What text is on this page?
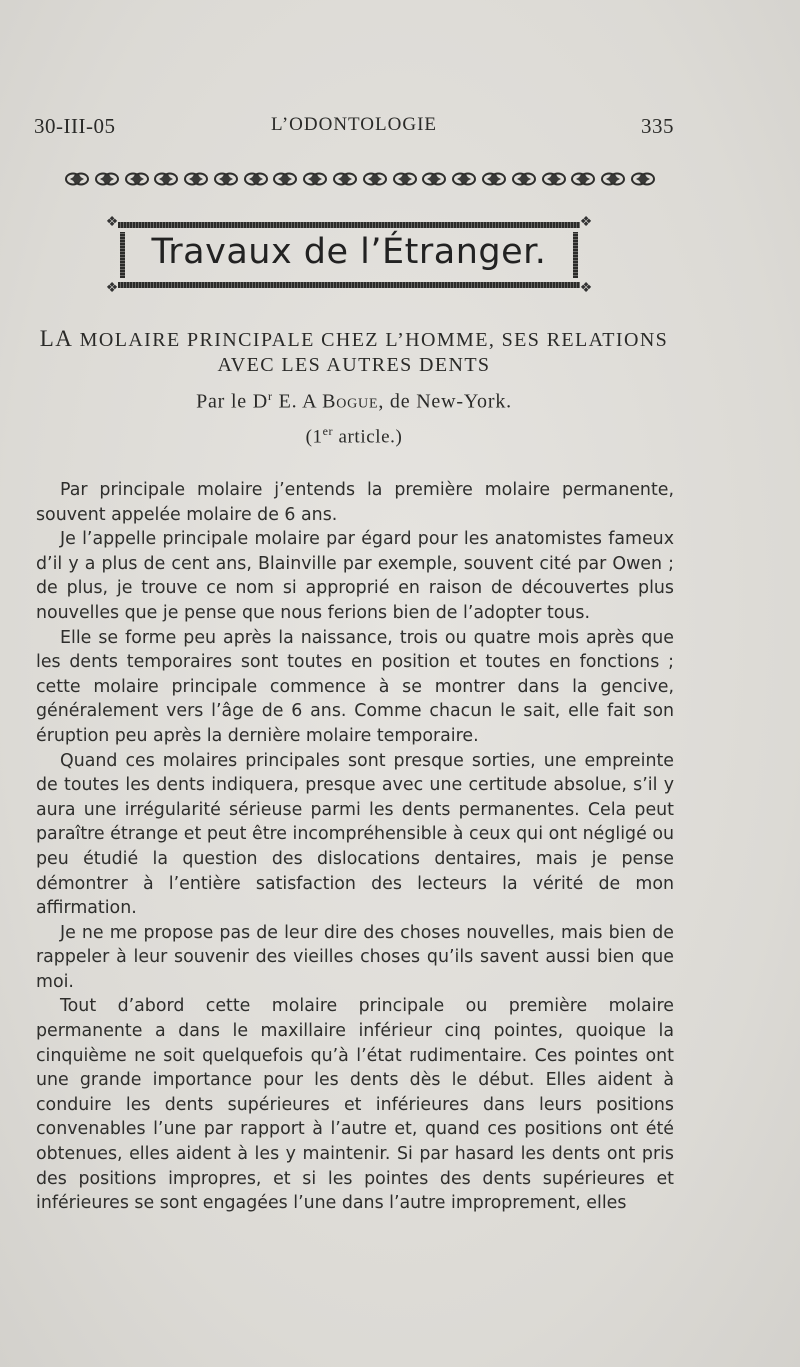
30-III-05	L’ODONTOLOGIE	335
❖	❖
❖	❖
Travaux de l’Étranger.
LA MOLAIRE PRINCIPALE CHEZ L’HOMME, SES RELATIONS
AVEC LES AUTRES DENTS
Par le $D^r$ E. A Bogue, de New-York.
(1er article.)

Par principale molaire j’entends la première molaire permanente, souvent appelée molaire de 6 ans.

Je l’appelle principale molaire par égard pour les anatomistes fameux d’il y a plus de cent ans, Blainville par exemple, souvent cité par Owen ; de plus, je trouve ce nom si approprié en raison de découvertes plus nouvelles que je pense que nous ferions bien de l’adopter tous.

Elle se forme peu après la naissance, trois ou quatre mois après que les dents temporaires sont toutes en position et toutes en fonctions ; cette molaire principale commence à se montrer dans la gencive, généralement vers l’âge de 6 ans. Comme chacun le sait, elle fait son éruption peu après la dernière molaire temporaire.

Quand ces molaires principales sont presque sorties, une empreinte de toutes les dents indiquera, presque avec une certitude absolue, s’il y aura une irrégularité sérieuse parmi les dents permanentes. Cela peut paraître étrange et peut être incompréhensible à ceux qui ont négligé ou peu étudié la question des dislocations dentaires, mais je pense démontrer à l’entière satisfaction des lecteurs la vérité de mon affirmation.

Je ne me propose pas de leur dire des choses nouvelles, mais bien de rappeler à leur souvenir des vieilles choses qu’ils savent aussi bien que moi.

Tout d’abord cette molaire principale ou première molaire permanente a dans le maxillaire inférieur cinq pointes, quoique la cinquième ne soit quelquefois qu’à l’état rudimentaire. Ces pointes ont une grande importance pour les dents dès le début. Elles aident à conduire les dents supérieures et inférieures dans leurs positions convenables l’une par rapport à l’autre et, quand ces positions ont été obtenues, elles aident à les y maintenir. Si par hasard les dents ont pris des positions impropres, et si les pointes des dents supérieures et inférieures se sont engagées l’une dans l’autre improprement, elles
